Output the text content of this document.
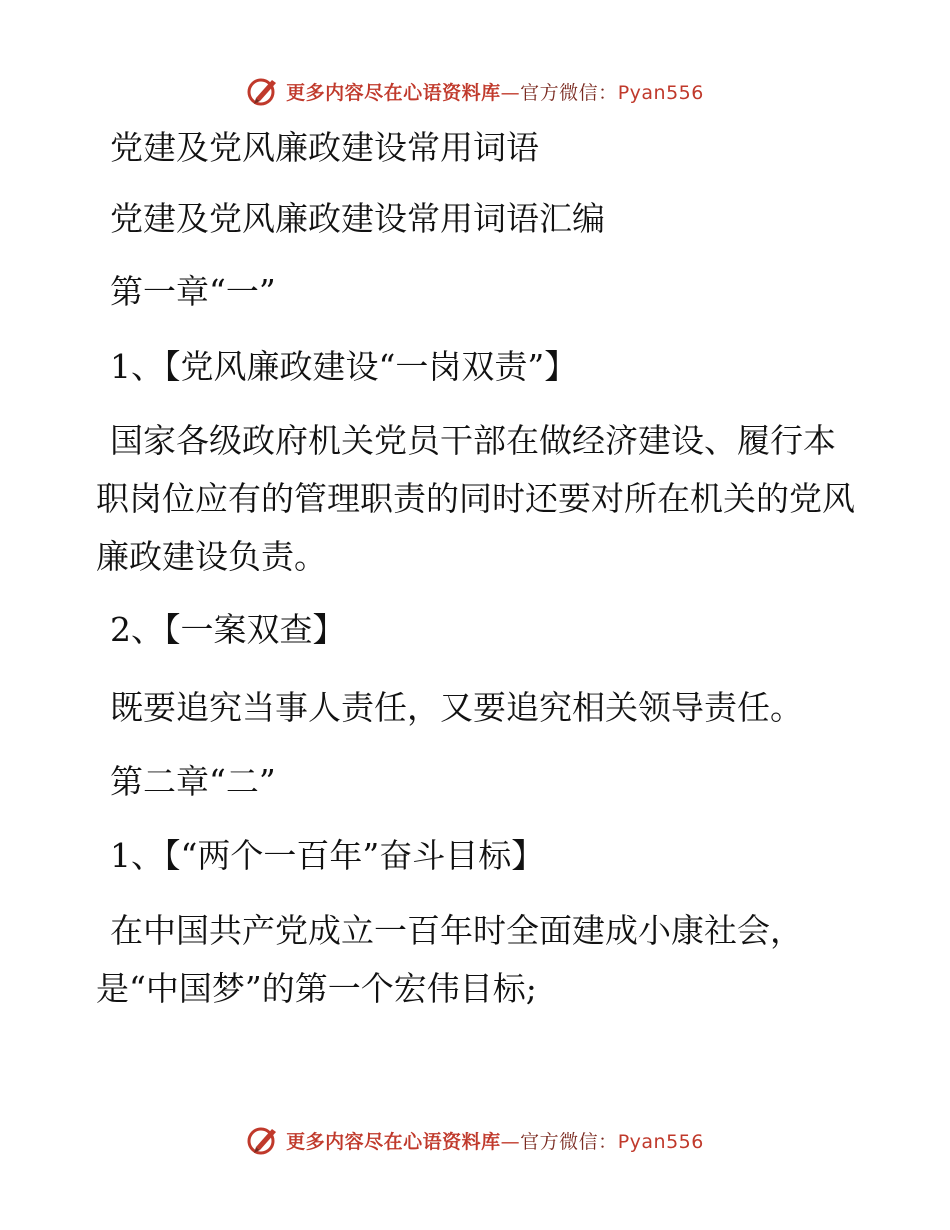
更多内容尽在心语资料库—官方微信：Pyan556
党建及党风廉政建设常用词语
党建及党风廉政建设常用词语汇编
第一章“一”
1、【党风廉政建设“一岗双责”】
国家各级政府机关党员干部在做经济建设、履行本职岗位应有的管理职责的同时还要对所在机关的党风廉政建设负责。
2、【一案双查】
既要追究当事人责任，又要追究相关领导责任。
第二章“二”
1、【“两个一百年”奋斗目标】
在中国共产党成立一百年时全面建成小康社会，是“中国梦”的第一个宏伟目标;
更多内容尽在心语资料库—官方微信：Pyan556
